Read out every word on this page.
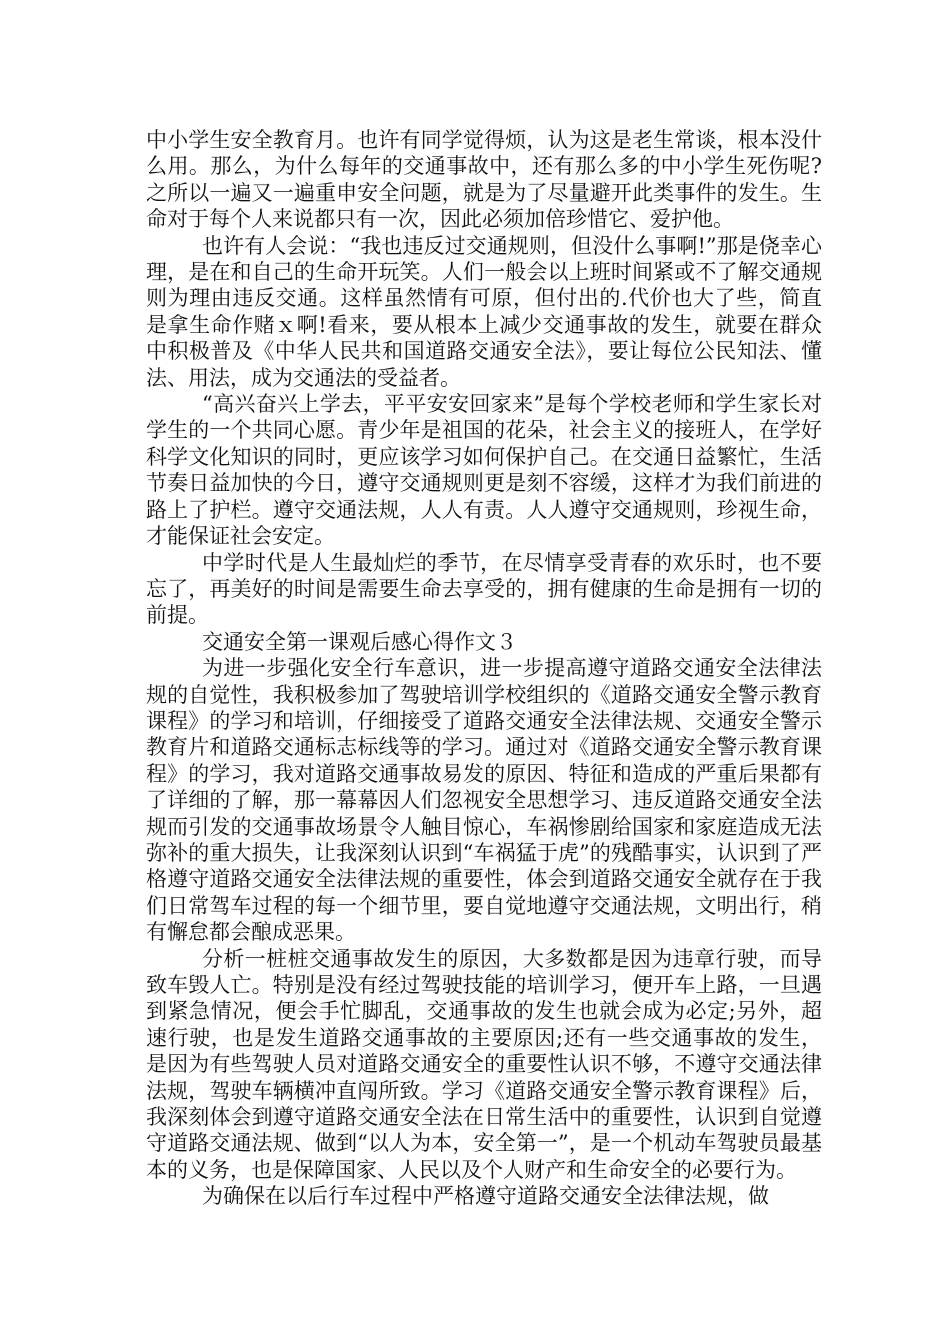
中小学生安全教育月。也许有同学觉得烦，认为这是老生常谈，根本没什么用。那么，为什么每年的交通事故中，还有那么多的中小学生死伤呢?之所以一遍又一遍重申安全问题，就是为了尽量避开此类事件的发生。生命对于每个人来说都只有一次，因此必须加倍珍惜它、爱护他。

也许有人会说：“我也违反过交通规则，但没什么事啊!”那是侥幸心理，是在和自己的生命开玩笑。人们一般会以上班时间紧或不了解交通规则为理由违反交通。这样虽然情有可原，但付出的.代价也大了些，简直是拿生命作赌ｘ啊!看来，要从根本上减少交通事故的发生，就要在群众中积极普及《中华人民共和国道路交通安全法》，要让每位公民知法、懂法、用法，成为交通法的受益者。

“高兴奋兴上学去，平平安安回家来”是每个学校老师和学生家长对学生的一个共同心愿。青少年是祖国的花朵，社会主义的接班人，在学好科学文化知识的同时，更应该学习如何保护自己。在交通日益繁忙，生活节奏日益加快的今日，遵守交通规则更是刻不容缓，这样才为我们前进的路上了护栏。遵守交通法规，人人有责。人人遵守交通规则，珍视生命，才能保证社会安定。

中学时代是人生最灿烂的季节，在尽情享受青春的欢乐时，也不要忘了，再美好的时间是需要生命去享受的，拥有健康的生命是拥有一切的前提。

交通安全第一课观后感心得作文３

为进一步强化安全行车意识，进一步提高遵守道路交通安全法律法规的自觉性，我积极参加了驾驶培训学校组织的《道路交通安全警示教育课程》的学习和培训，仔细接受了道路交通安全法律法规、交通安全警示教育片和道路交通标志标线等的学习。通过对《道路交通安全警示教育课程》的学习，我对道路交通事故易发的原因、特征和造成的严重后果都有了详细的了解，那一幕幕因人们忽视安全思想学习、违反道路交通安全法规而引发的交通事故场景令人触目惊心，车祸惨剧给国家和家庭造成无法弥补的重大损失，让我深刻认识到“车祸猛于虎”的残酷事实，认识到了严格遵守道路交通安全法律法规的重要性，体会到道路交通安全就存在于我们日常驾车过程的每一个细节里，要自觉地遵守交通法规，文明出行，稍有懈怠都会酿成恶果。

分析一桩桩交通事故发生的原因，大多数都是因为违章行驶，而导致车毁人亡。特别是没有经过驾驶技能的培训学习，便开车上路，一旦遇到紧急情况，便会手忙脚乱，交通事故的发生也就会成为必定;另外，超速行驶，也是发生道路交通事故的主要原因;还有一些交通事故的发生，是因为有些驾驶人员对道路交通安全的重要性认识不够，不遵守交通法律法规，驾驶车辆横冲直闯所致。学习《道路交通安全警示教育课程》后，我深刻体会到遵守道路交通安全法在日常生活中的重要性，认识到自觉遵守道路交通法规、做到“以人为本，安全第一”，是一个机动车驾驶员最基本的义务，也是保障国家、人民以及个人财产和生命安全的必要行为。

为确保在以后行车过程中严格遵守道路交通安全法律法规，做
